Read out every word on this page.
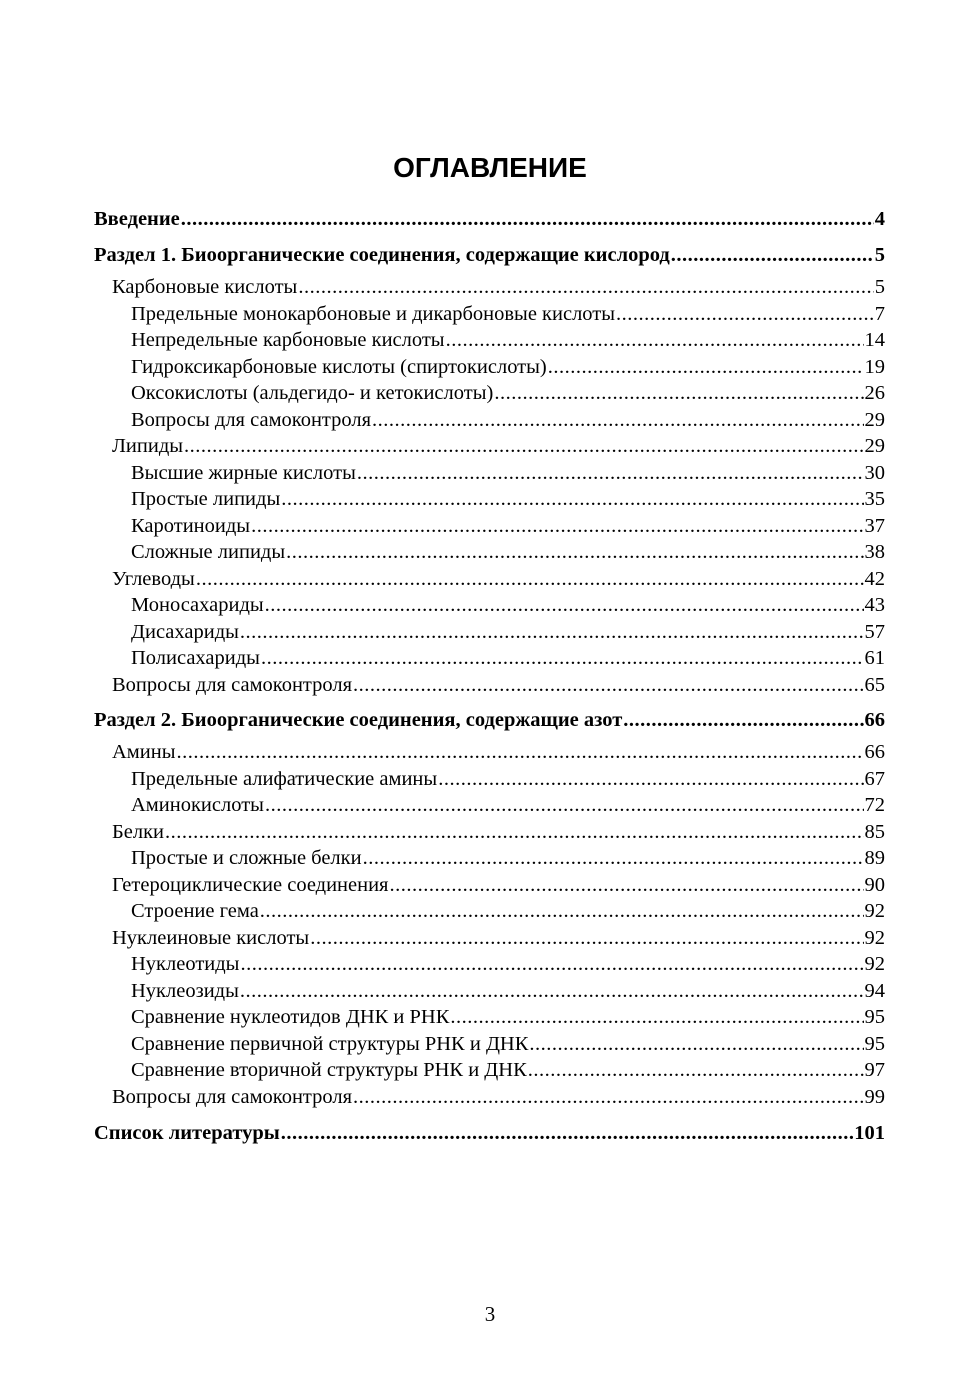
ОГЛАВЛЕНИЕ
Введение .....	4
Раздел 1. Биоорганические соединения, содержащие кислород .....	5
Карбоновые кислоты .....	5
Предельные монокарбоновые и дикарбоновые кислоты .....	7
Непредельные карбоновые кислоты .....	14
Гидроксикарбоновые кислоты (спиртокислоты) .....	19
Оксокислоты (альдегидо- и кетокислоты) .....	26
Вопросы для самоконтроля .....	29
Липиды .....	29
Высшие жирные кислоты .....	30
Простые липиды .....	35
Каротиноиды .....	37
Сложные липиды .....	38
Углеводы .....	42
Моносахариды .....	43
Дисахариды .....	57
Полисахариды .....	61
Вопросы для самоконтроля .....	65
Раздел 2. Биоорганические соединения, содержащие азот .....	66
Амины .....	66
Предельные алифатические амины .....	67
Аминокислоты .....	72
Белки .....	85
Простые и сложные белки .....	89
Гетероциклические соединения .....	90
Строение гема .....	92
Нуклеиновые кислоты .....	92
Нуклеотиды .....	92
Нуклеозиды .....	94
Сравнение нуклеотидов ДНК и РНК .....	95
Сравнение первичной структуры РНК и ДНК .....	95
Сравнение вторичной структуры РНК и ДНК .....	97
Вопросы для самоконтроля .....	99
Список литературы .....	101
3
